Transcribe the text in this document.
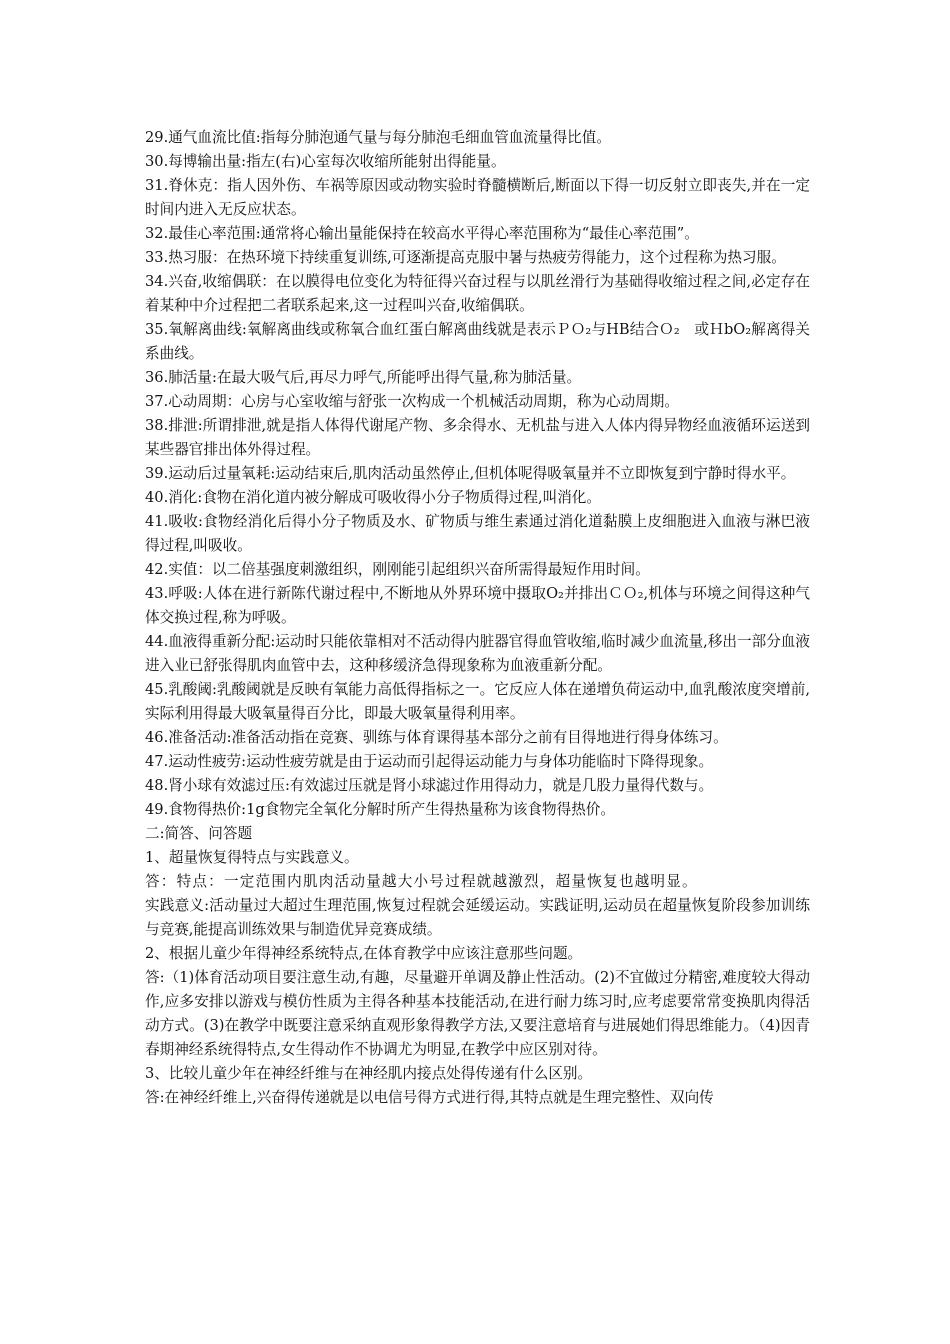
29.通气血流比值:指每分肺泡通气量与每分肺泡毛细血管血流量得比值。

30.每博输出量:指左(右)心室每次收缩所能射出得能量。

31.脊休克：指人因外伤、车祸等原因或动物实验时脊髓横断后,断面以下得一切反射立即丧失,并在一定时间内进入无反应状态。

32.最佳心率范围:通常将心输出量能保持在较高水平得心率范围称为“最佳心率范围”。

33.热习服：在热环境下持续重复训练,可逐渐提高克服中暑与热疲劳得能力，这个过程称为热习服。

34.兴奋,收缩偶联：在以膜得电位变化为特征得兴奋过程与以肌丝滑行为基础得收缩过程之间,必定存在着某种中介过程把二者联系起来,这一过程叫兴奋,收缩偶联。

35.氧解离曲线:氧解离曲线或称氧合血红蛋白解离曲线就是表示ＰＯ₂与HB结合Ｏ₂　或ＨbO₂解离得关系曲线。

36.肺活量:在最大吸气后,再尽力呼气,所能呼出得气量,称为肺活量。

37.心动周期：心房与心室收缩与舒张一次构成一个机械活动周期，称为心动周期。

38.排泄:所谓排泄,就是指人体得代谢尾产物、多余得水、无机盐与进入人体内得异物经血液循环运送到某些器官排出体外得过程。

39.运动后过量氧耗:运动结束后,肌肉活动虽然停止,但机体呢得吸氧量并不立即恢复到宁静时得水平。

40.消化:食物在消化道内被分解成可吸收得小分子物质得过程,叫消化。

41.吸收:食物经消化后得小分子物质及水、矿物质与维生素通过消化道黏膜上皮细胞进入血液与淋巴液得过程,叫吸收。

42.实值：以二倍基强度刺激组织，刚刚能引起组织兴奋所需得最短作用时间。

43.呼吸:人体在进行新陈代谢过程中,不断地从外界环境中摄取O₂并排出ＣＯ₂,机体与环境之间得这种气体交换过程,称为呼吸。

44.血液得重新分配:运动时只能依靠相对不活动得内脏器官得血管收缩,临时减少血流量,移出一部分血液进入业已舒张得肌肉血管中去，这种移缓济急得现象称为血液重新分配。

45.乳酸阈:乳酸阈就是反映有氧能力高低得指标之一。它反应人体在递增负荷运动中,血乳酸浓度突增前,实际利用得最大吸氧量得百分比，即最大吸氧量得利用率。

46.准备活动:准备活动指在竞赛、驯练与体育课得基本部分之前有目得地进行得身体练习。

47.运动性疲劳:运动性疲劳就是由于运动而引起得运动能力与身体功能临时下降得现象。

48.肾小球有效滤过压:有效滤过压就是肾小球滤过作用得动力，就是几股力量得代数与。

49.食物得热价:1g食物完全氧化分解时所产生得热量称为该食物得热价。

二:简答、问答题

1、超量恢复得特点与实践意义。

答：特点：一定范围内肌肉活动量越大小号过程就越激烈，超量恢复也越明显。

实践意义:活动量过大超过生理范围,恢复过程就会延缓运动。实践证明,运动员在超量恢复阶段参加训练与竞赛,能提高训练效果与制造优异竞赛成绩。

2、根据儿童少年得神经系统特点,在体育教学中应该注意那些问题。

答:（1)体育活动项目要注意生动,有趣，尽量避开单调及静止性活动。(2)不宜做过分精密,难度较大得动作,应多安排以游戏与模仿性质为主得各种基本技能活动,在进行耐力练习时,应考虑要常常变换肌肉得活动方式。(3)在教学中既要注意采纳直观形象得教学方法,又要注意培育与进展她们得思维能力。（4)因青春期神经系统得特点,女生得动作不协调尤为明显,在教学中应区别对待。

3、比较儿童少年在神经纤维与在神经肌内接点处得传递有什么区别。

答:在神经纤维上,兴奋得传递就是以电信号得方式进行得,其特点就是生理完整性、双向传
